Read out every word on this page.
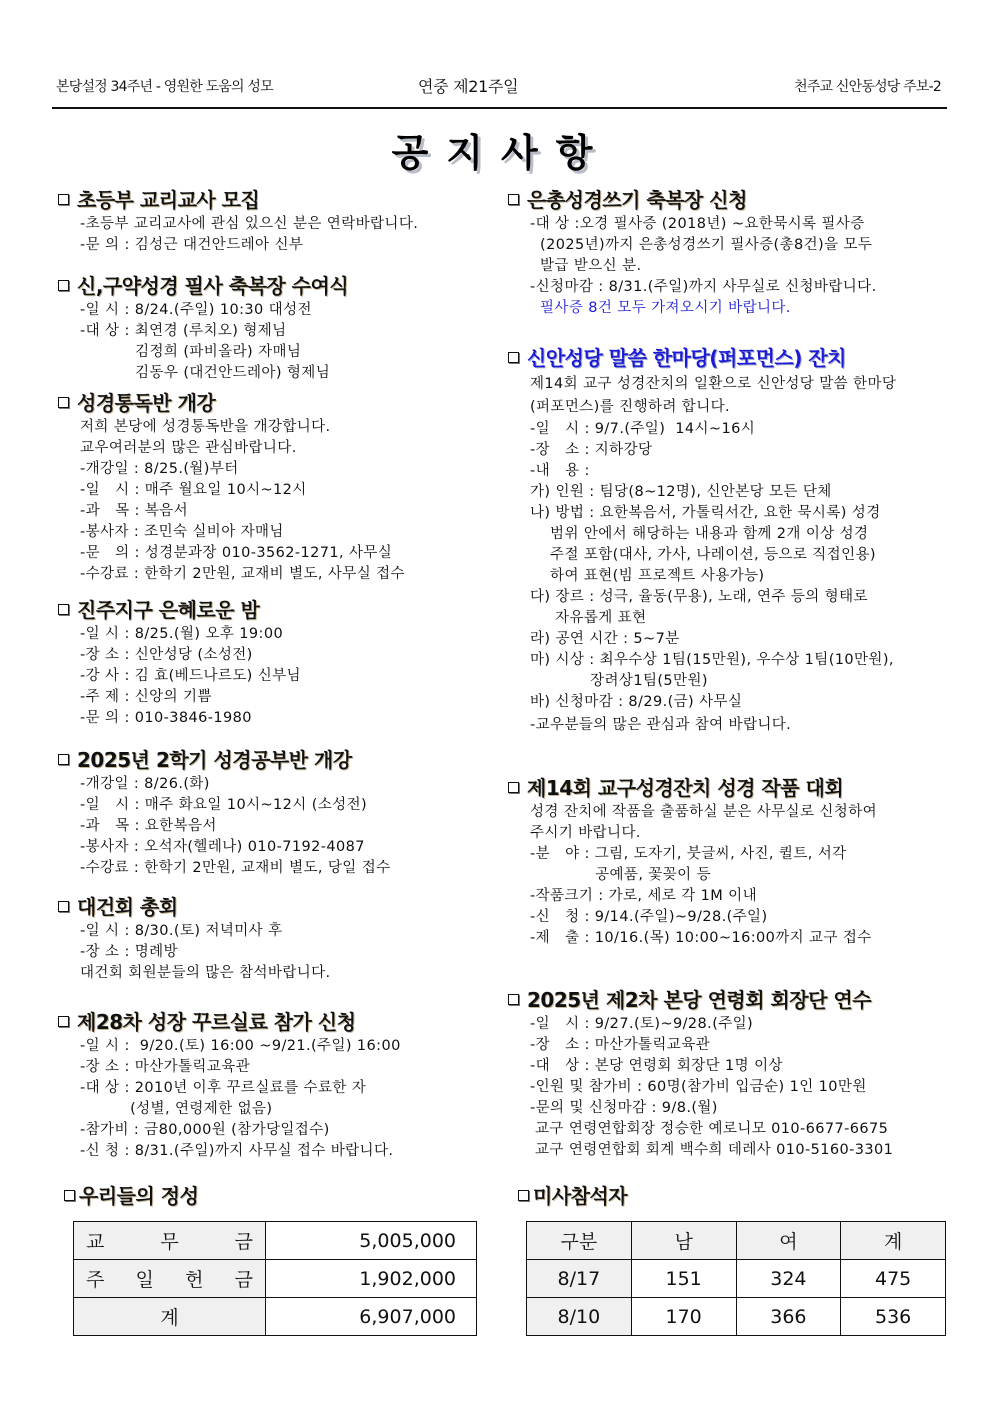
본당설정 34주년 - 영원한 도움의 성모	연중 제21주일	천주교 신안동성당 주보-2
공지사항
초등부 교리교사 모집
-초등부 교리교사에 관심 있으신 분은 연락바랍니다.
-문 의 : 김성근 대건안드레아 신부
신,구약성경 필사 축복장 수여식
-일 시 : 8/24.(주일) 10:30 대성전
-대 상 : 최연경 (루치오) 형제님
김정희 (파비올라) 자매님
김동우 (대건안드레아) 형제님
성경통독반 개강
저희 본당에 성경통독반을 개강합니다.
교우여러분의 많은 관심바랍니다.
-개강일 : 8/25.(월)부터
-일   시 : 매주 월요일 10시~12시
-과   목 : 복음서
-봉사자 : 조민숙 실비아 자매님
-문   의 : 성경분과장 010-3562-1271, 사무실
-수강료 : 한학기 2만원, 교재비 별도, 사무실 접수
진주지구 은혜로운 밤
-일 시 : 8/25.(월) 오후 19:00
-장 소 : 신안성당 (소성전)
-강 사 : 김 효(베드나르도) 신부님
-주 제 : 신앙의 기쁨
-문 의 : 010-3846-1980
2025년 2학기 성경공부반 개강
-개강일 : 8/26.(화)
-일   시 : 매주 화요일 10시~12시 (소성전)
-과   목 : 요한복음서
-봉사자 : 오석자(헬레나) 010-7192-4087
-수강료 : 한학기 2만원, 교재비 별도, 당일 접수
대건회 총회
-일 시 : 8/30.(토) 저녁미사 후
-장 소 : 명례방
대건회 회원분들의 많은 참석바랍니다.
제28차 성장 꾸르실료 참가 신청
-일 시 :  9/20.(토) 16:00 ~9/21.(주일) 16:00
-장 소 : 마산가톨릭교육관
-대 상 : 2010년 이후 꾸르실료를 수료한 자
(성별, 연령제한 없음)
-참가비 : 금80,000원 (참가당일접수)
-신 청 : 8/31.(주일)까지 사무실 접수 바랍니다.
은총성경쓰기 축복장 신청
-대 상 :오경 필사증 (2018년) ~요한묵시록 필사증
(2025년)까지 은총성경쓰기 필사증(총8건)을 모두
발급 받으신 분.
-신청마감 : 8/31.(주일)까지 사무실로 신청바랍니다.
필사증 8건 모두 가져오시기 바랍니다.
신안성당 말씀 한마당(퍼포먼스) 잔치
제14회 교구 성경잔치의 일환으로 신안성당 말씀 한마당
(퍼포먼스)를 진행하려 합니다.
-일   시 : 9/7.(주일)  14시~16시
-장   소 : 지하강당
-내   용 :
가) 인원 : 팀당(8~12명), 신안본당 모든 단체
나) 방법 : 요한복음서, 가톨릭서간, 요한 묵시록) 성경
범위 안에서 해당하는 내용과 함께 2개 이상 성경
주절 포함(대사, 가사, 나레이션, 등으로 직접인용)
하여 표현(빔 프로젝트 사용가능)
다) 장르 : 성극, 율동(무용), 노래, 연주 등의 형태로
자유롭게 표현
라) 공연 시간 : 5~7분
마) 시상 : 최우수상 1팀(15만원), 우수상 1팀(10만원),
장려상1팀(5만원)
바) 신청마감 : 8/29.(금) 사무실
-교우분들의 많은 관심과 참여 바랍니다.
제14회 교구성경잔치 성경 작품 대회
성경 잔치에 작품을 출품하실 분은 사무실로 신청하여
주시기 바랍니다.
-분   야 : 그림, 도자기, 붓글씨, 사진, 퀼트, 서각
공예품, 꽃꽂이 등
-작품크기 : 가로, 세로 각 1M 이내
-신   청 : 9/14.(주일)~9/28.(주일)
-제   출 : 10/16.(목) 10:00~16:00까지 교구 접수
2025년 제2차 본당 연령회 회장단 연수
-일   시 : 9/27.(토)~9/28.(주일)
-장   소 : 마산가톨릭교육관
-대   상 : 본당 연령회 회장단 1명 이상
-인원 및 참가비 : 60명(참가비 입금순) 1인 10만원
-문의 및 신청마감 : 9/8.(월)
교구 연령연합회장 정승한 예로니모 010-6677-6675
교구 연령연합회 회계 백수희 데레사 010-5160-3301
우리들의 정성
교 무 금	5,005,000

주 일 헌 금	1,902,000
계	6,907,000
미사참석자
구분	남	여	계
8/17	151	324	475
8/10	170	366	536
